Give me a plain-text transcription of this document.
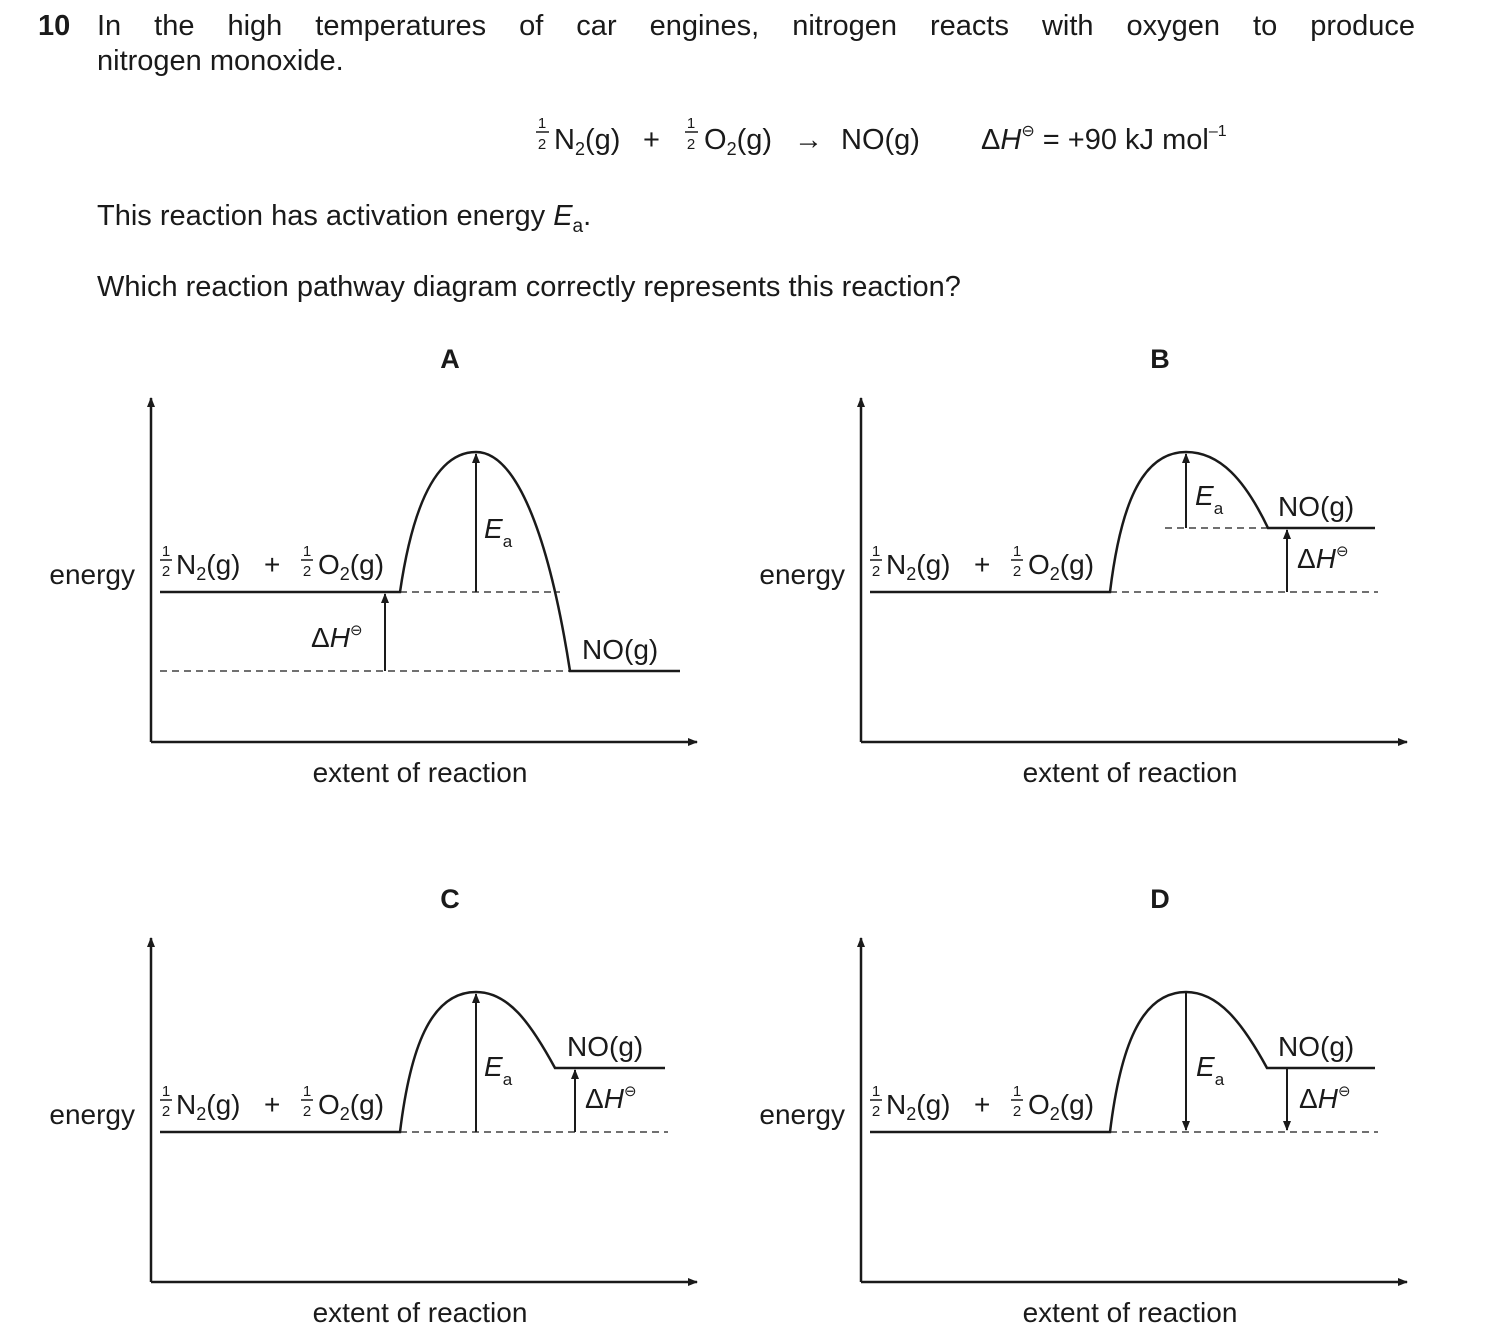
10 In the high temperatures of car engines, nitrogen reacts with oxygen to produce
nitrogen monoxide.
1
2 $N_2(g)$ +
1
2 $O_2(g) \to NO(g) \Delta H^⊖ = +90$ kJ mol$^{-1}$
This reaction has activation energy $E_a$.
Which reaction pathway diagram correctly represents this reaction?
A
energy
extent of reaction
1
2 $N_2(g) + 1$
2 $O_2(g)$
$E_a$
ΔH⊖
NO(g)
B
energy
extent of reaction
1
2 $N_2(g) + 1$
2 $O_2(g)$
$E_a$
ΔH⊖
NO(g)
C
energy
extent of reaction
1
2 $N_2(g) + 1$
2 $O_2(g)$
$E_a$
ΔH⊖
NO(g)
D
energy
extent of reaction
1
2 $N_2(g) + 1$
2 $O_2(g)$
$E_a$
ΔH⊖
NO(g)
